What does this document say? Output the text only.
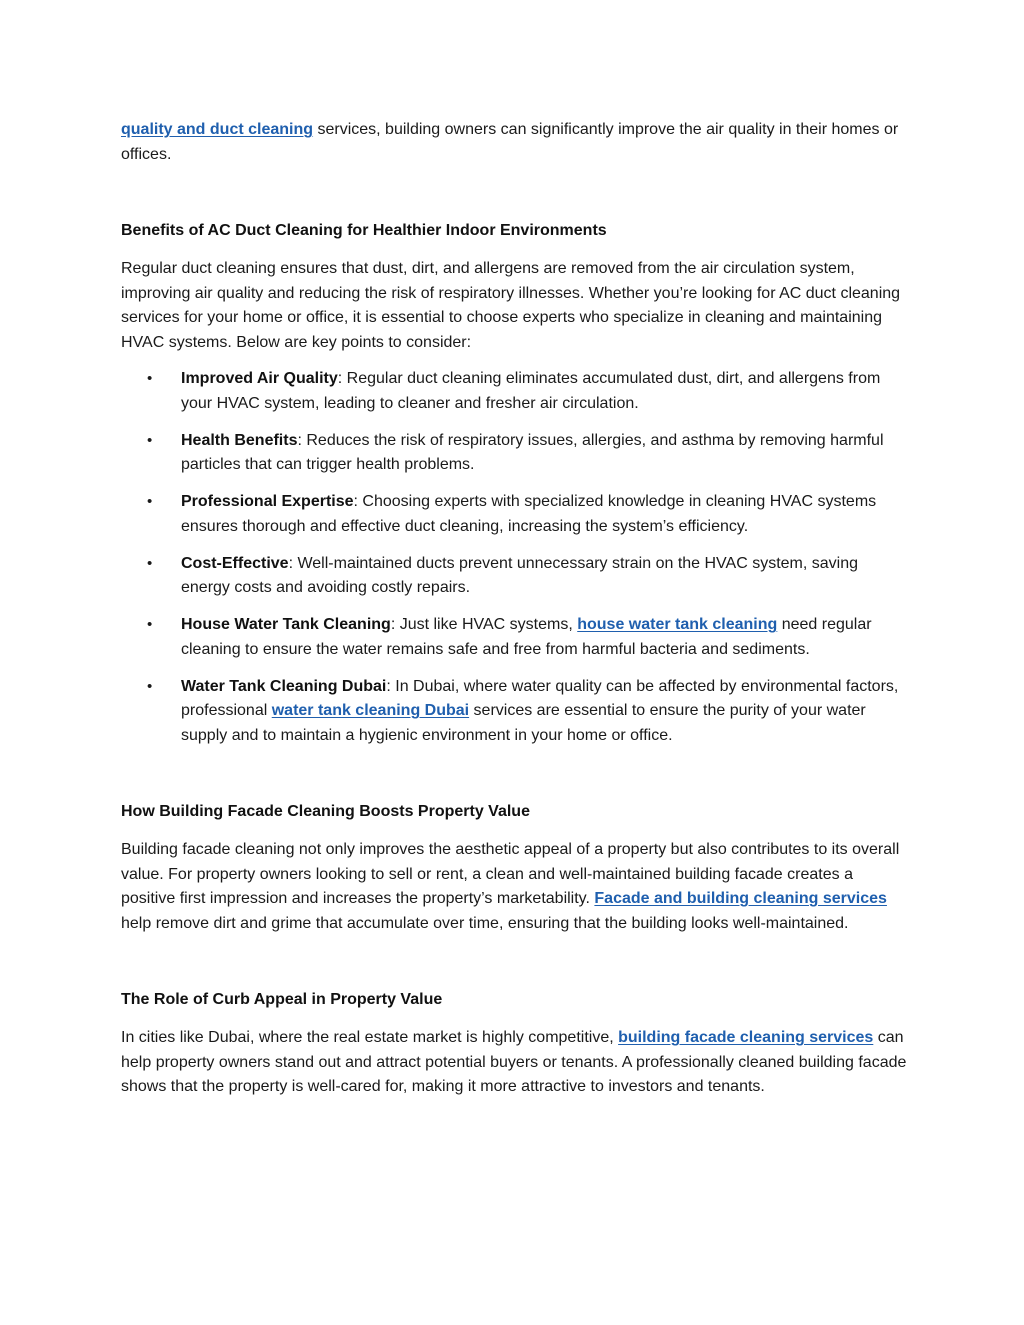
quality and duct cleaning services, building owners can significantly improve the air quality in their homes or offices.

Benefits of AC Duct Cleaning for Healthier Indoor Environments

Regular duct cleaning ensures that dust, dirt, and allergens are removed from the air circulation system, improving air quality and reducing the risk of respiratory illnesses. Whether you’re looking for AC duct cleaning services for your home or office, it is essential to choose experts who specialize in cleaning and maintaining HVAC systems. Below are key points to consider:

• Improved Air Quality: Regular duct cleaning eliminates accumulated dust, dirt, and allergens from your HVAC system, leading to cleaner and fresher air circulation.
• Health Benefits: Reduces the risk of respiratory issues, allergies, and asthma by removing harmful particles that can trigger health problems.
• Professional Expertise: Choosing experts with specialized knowledge in cleaning HVAC systems ensures thorough and effective duct cleaning, increasing the system’s efficiency.
• Cost-Effective: Well-maintained ducts prevent unnecessary strain on the HVAC system, saving energy costs and avoiding costly repairs.
• House Water Tank Cleaning: Just like HVAC systems, house water tank cleaning need regular cleaning to ensure the water remains safe and free from harmful bacteria and sediments.
• Water Tank Cleaning Dubai: In Dubai, where water quality can be affected by environmental factors, professional water tank cleaning Dubai services are essential to ensure the purity of your water supply and to maintain a hygienic environment in your home or office.
How Building Facade Cleaning Boosts Property Value

Building facade cleaning not only improves the aesthetic appeal of a property but also contributes to its overall value. For property owners looking to sell or rent, a clean and well-maintained building facade creates a positive first impression and increases the property’s marketability. Facade and building cleaning services help remove dirt and grime that accumulate over time, ensuring that the building looks well-maintained.

The Role of Curb Appeal in Property Value

In cities like Dubai, where the real estate market is highly competitive, building facade cleaning services can help property owners stand out and attract potential buyers or tenants. A professionally cleaned building facade shows that the property is well-cared for, making it more attractive to investors and tenants.
